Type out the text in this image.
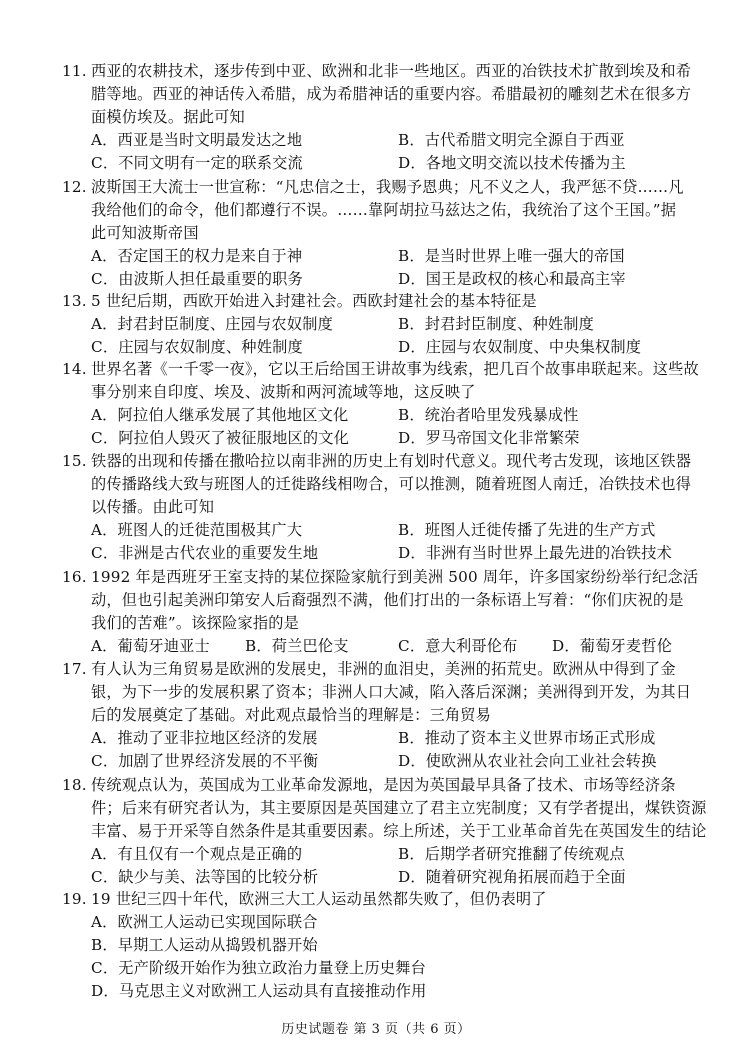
11. 西亚的农耕技术，逐步传到中亚、欧洲和北非一些地区。西亚的冶铁技术扩散到埃及和希
腊等地。西亚的神话传入希腊，成为希腊神话的重要内容。希腊最初的雕刻艺术在很多方
面模仿埃及。据此可知
A．西亚是当时文明最发达之地	B．古代希腊文明完全源自于西亚
C．不同文明有一定的联系交流	D．各地文明交流以技术传播为主
12. 波斯国王大流士一世宣称：“凡忠信之士，我赐予恩典；凡不义之人，我严惩不贷……凡
我给他们的命令，他们都遵行不误。……靠阿胡拉马兹达之佑，我统治了这个王国。”据
此可知波斯帝国
A．否定国王的权力是来自于神	B．是当时世界上唯一强大的帝国
C．由波斯人担任最重要的职务	D．国王是政权的核心和最高主宰
13. 5 世纪后期，西欧开始进入封建社会。西欧封建社会的基本特征是
A．封君封臣制度、庄园与农奴制度	B．封君封臣制度、种姓制度
C．庄园与农奴制度、种姓制度	D．庄园与农奴制度、中央集权制度
14. 世界名著《一千零一夜》，它以王后给国王讲故事为线索，把几百个故事串联起来。这些故
事分别来自印度、埃及、波斯和两河流域等地，这反映了
A．阿拉伯人继承发展了其他地区文化	B．统治者哈里发残暴成性
C．阿拉伯人毁灭了被征服地区的文化	D．罗马帝国文化非常繁荣
15. 铁器的出现和传播在撒哈拉以南非洲的历史上有划时代意义。现代考古发现，该地区铁器
的传播路线大致与班图人的迁徙路线相吻合，可以推测，随着班图人南迁，冶铁技术也得
以传播。由此可知
A．班图人的迁徙范围极其广大	B．班图人迁徙传播了先进的生产方式
C．非洲是古代农业的重要发生地	D．非洲有当时世界上最先进的冶铁技术
16. 1992 年是西班牙王室支持的某位探险家航行到美洲 500 周年，许多国家纷纷举行纪念活
动，但也引起美洲印第安人后裔强烈不满，他们打出的一条标语上写着：“你们庆祝的是
我们的苦难”。该探险家指的是
A．葡萄牙迪亚士 B．荷兰巴伦支	C．意大利哥伦布 D．葡萄牙麦哲伦
17. 有人认为三角贸易是欧洲的发展史，非洲的血泪史，美洲的拓荒史。欧洲从中得到了金
银，为下一步的发展积累了资本；非洲人口大减，陷入落后深渊；美洲得到开发，为其日
后的发展奠定了基础。对此观点最恰当的理解是：三角贸易
A．推动了亚非拉地区经济的发展	B．推动了资本主义世界市场正式形成
C．加剧了世界经济发展的不平衡	D．使欧洲从农业社会向工业社会转换
18. 传统观点认为，英国成为工业革命发源地，是因为英国最早具备了技术、市场等经济条
件；后来有研究者认为，其主要原因是英国建立了君主立宪制度；又有学者提出，煤铁资源
丰富、易于开采等自然条件是其重要因素。综上所述，关于工业革命首先在英国发生的结论
A．有且仅有一个观点是正确的	B．后期学者研究推翻了传统观点
C．缺少与美、法等国的比较分析	D．随着研究视角拓展而趋于全面
19. 19 世纪三四十年代，欧洲三大工人运动虽然都失败了，但仍表明了
A．欧洲工人运动已实现国际联合
B．早期工人运动从捣毁机器开始
C．无产阶级开始作为独立政治力量登上历史舞台
D．马克思主义对欧洲工人运动具有直接推动作用
历史试题卷 第 3 页（共 6 页）
